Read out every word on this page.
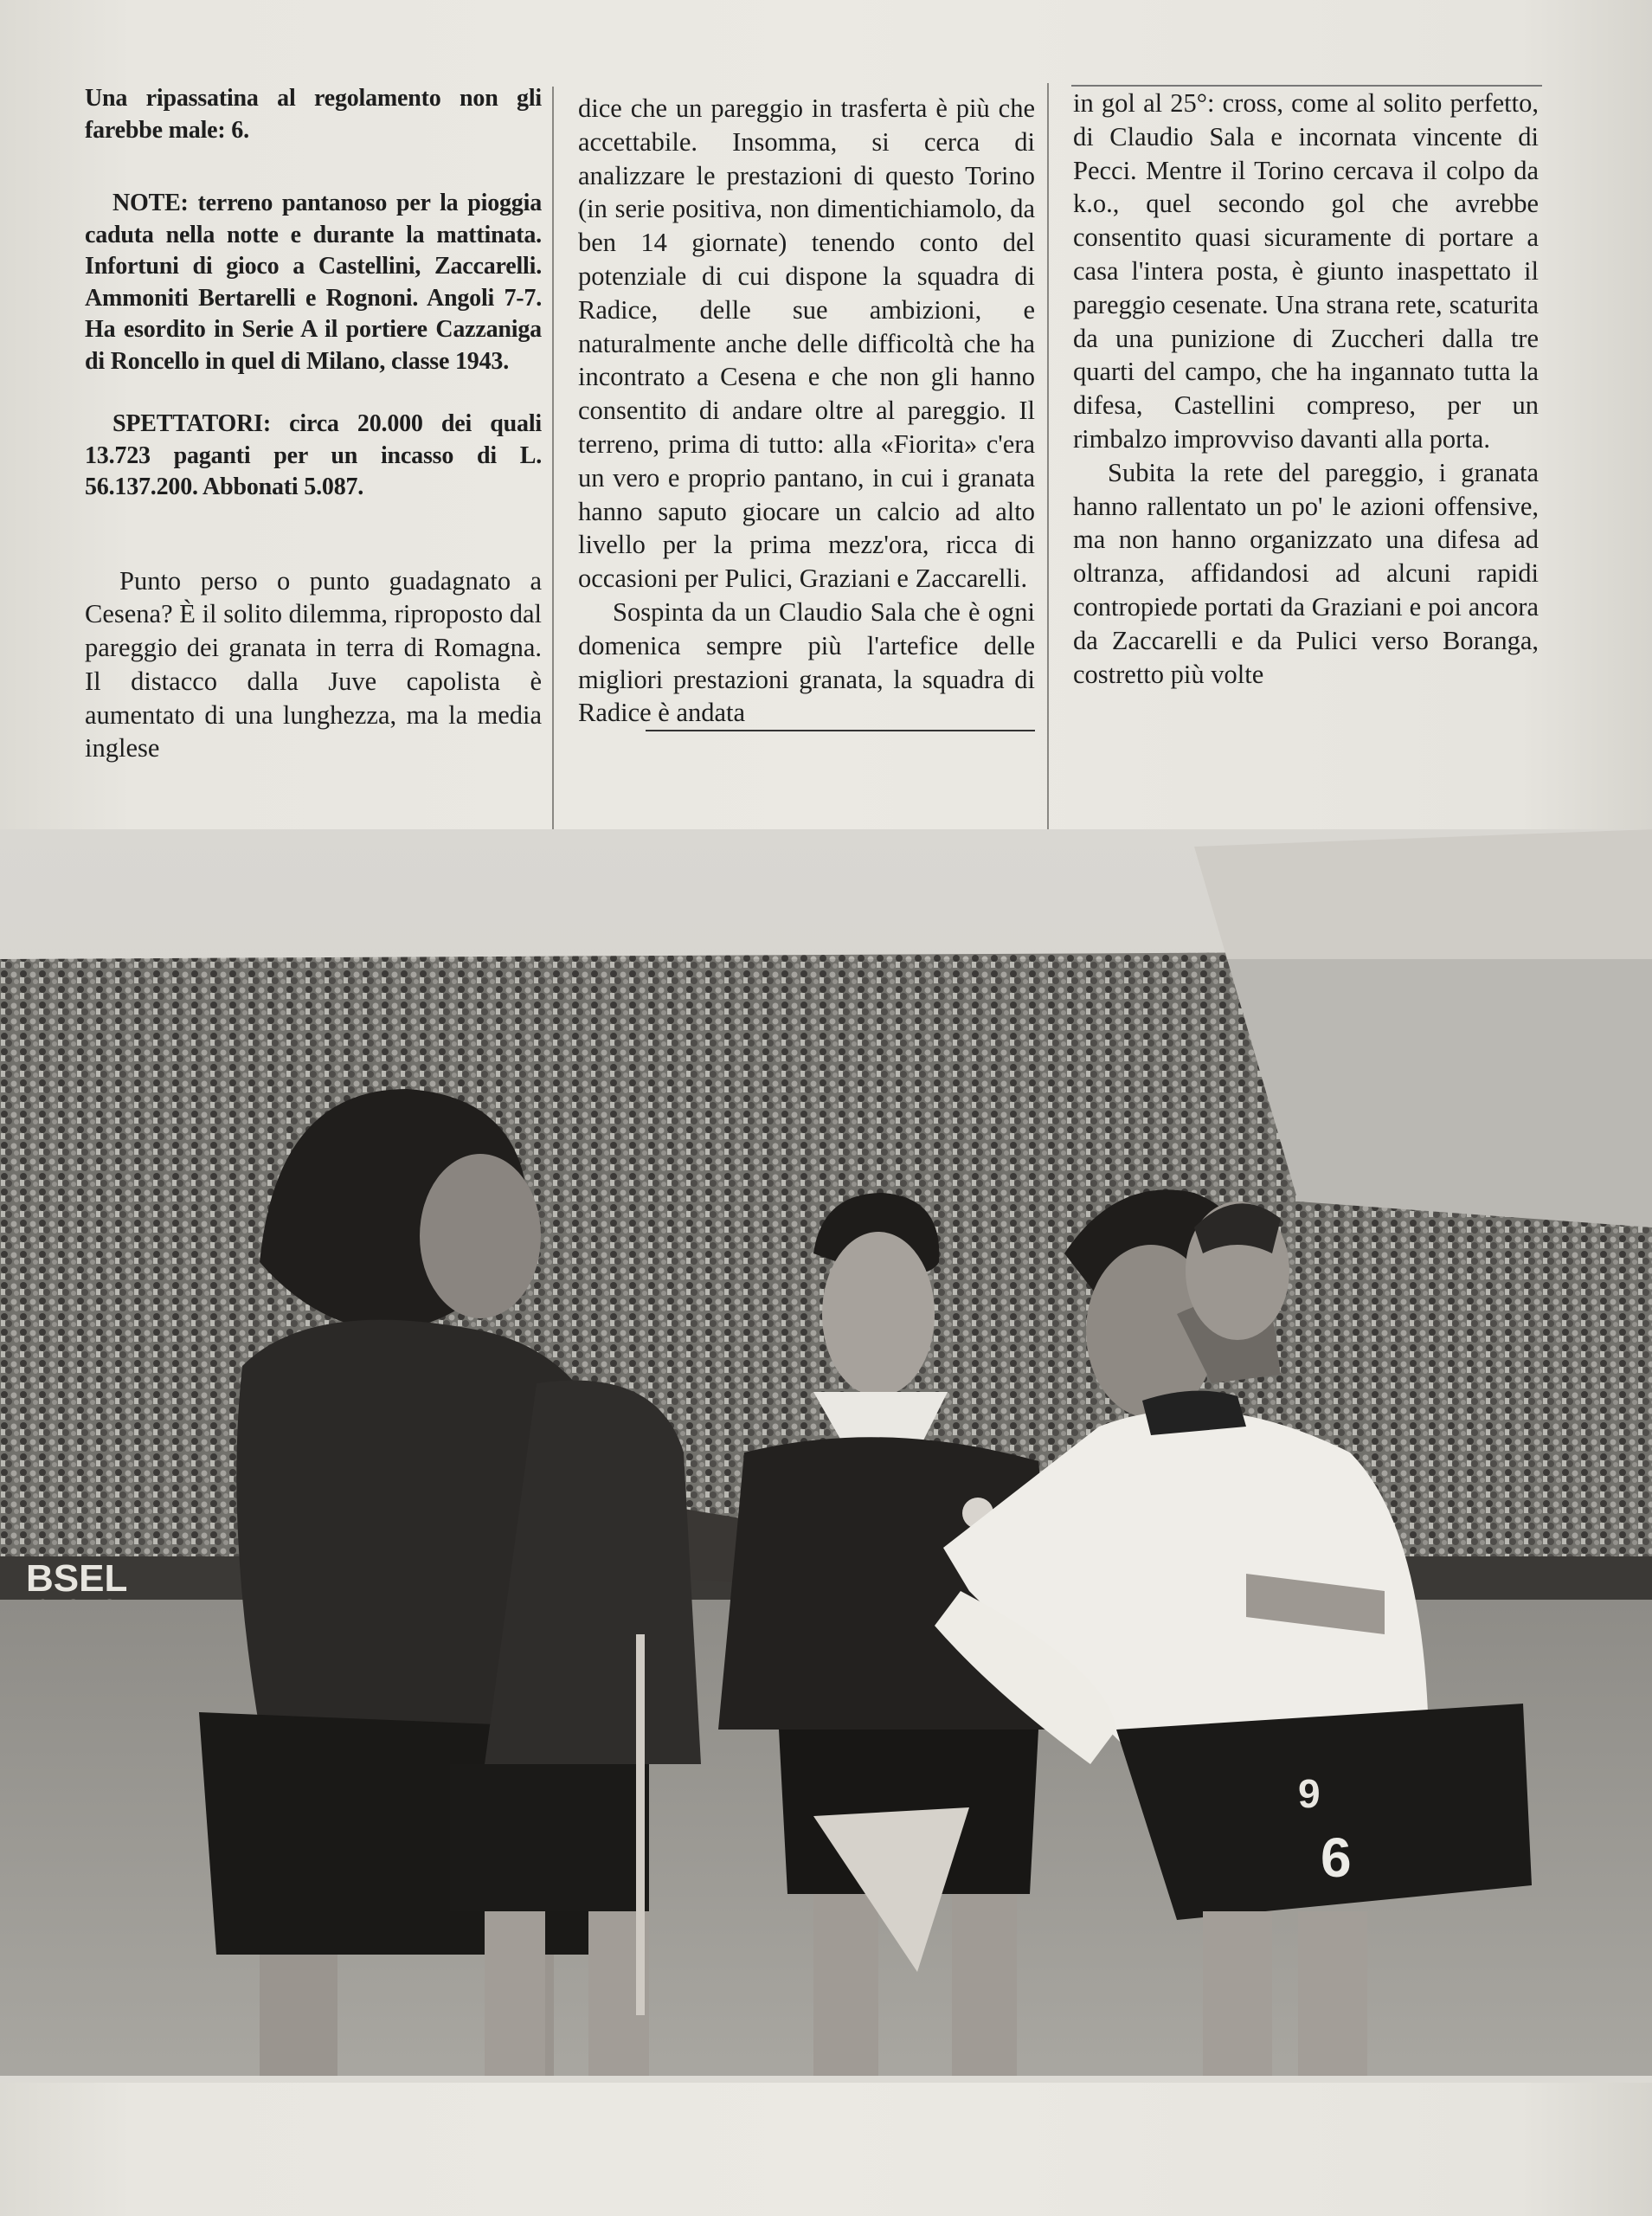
Una ripassatina al regolamento non gli farebbe male: 6.

NOTE: terreno pantanoso per la pioggia caduta nella notte e durante la mattinata. Infortuni di gioco a Castellini, Zaccarelli. Ammoniti Bertarelli e Rognoni. Angoli 7-7. Ha esordito in Serie A il portiere Cazzaniga di Roncello in quel di Milano, classe 1943.

SPETTATORI: circa 20.000 dei quali 13.723 paganti per un incasso di L. 56.137.200. Abbonati 5.087.

Punto perso o punto guadagnato a Cesena? È il solito dilemma, riproposto dal pareggio dei granata in terra di Romagna. Il distacco dalla Juve capolista è aumentato di una lunghezza, ma la media inglese

dice che un pareggio in trasferta è più che accettabile. Insomma, si cerca di analizzare le prestazioni di questo Torino (in serie positiva, non dimentichiamolo, da ben 14 giornate) tenendo conto del potenziale di cui dispone la squadra di Radice, delle sue ambizioni, e naturalmente anche delle difficoltà che ha incontrato a Cesena e che non gli hanno consentito di andare oltre al pareggio. Il terreno, prima di tutto: alla «Fiorita» c'era un vero e proprio pantano, in cui i granata hanno saputo giocare un calcio ad alto livello per la prima mezz'ora, ricca di occasioni per Pulici, Graziani e Zaccarelli.

Sospinta da un Claudio Sala che è ogni domenica sempre più l'artefice delle migliori prestazioni granata, la squadra di Radice è andata

in gol al 25°: cross, come al solito perfetto, di Claudio Sala e incornata vincente di Pecci. Mentre il Torino cercava il colpo da k.o., quel secondo gol che avrebbe consentito quasi sicuramente di portare a casa l'intera posta, è giunto inaspettato il pareggio cesenate. Una strana rete, scaturita da una punizione di Zuccheri dalla tre quarti del campo, che ha ingannato tutta la difesa, Castellini compreso, per un rimbalzo improvviso davanti alla porta.

Subita la rete del pareggio, i granata hanno rallentato un po' le azioni offensive, ma non hanno organizzato una difesa ad oltranza, affidandosi ad alcuni rapidi contropiede portati da Graziani e poi ancora da Zaccarelli e da Pulici verso Boranga, costretto più volte

BSEL
9
6
